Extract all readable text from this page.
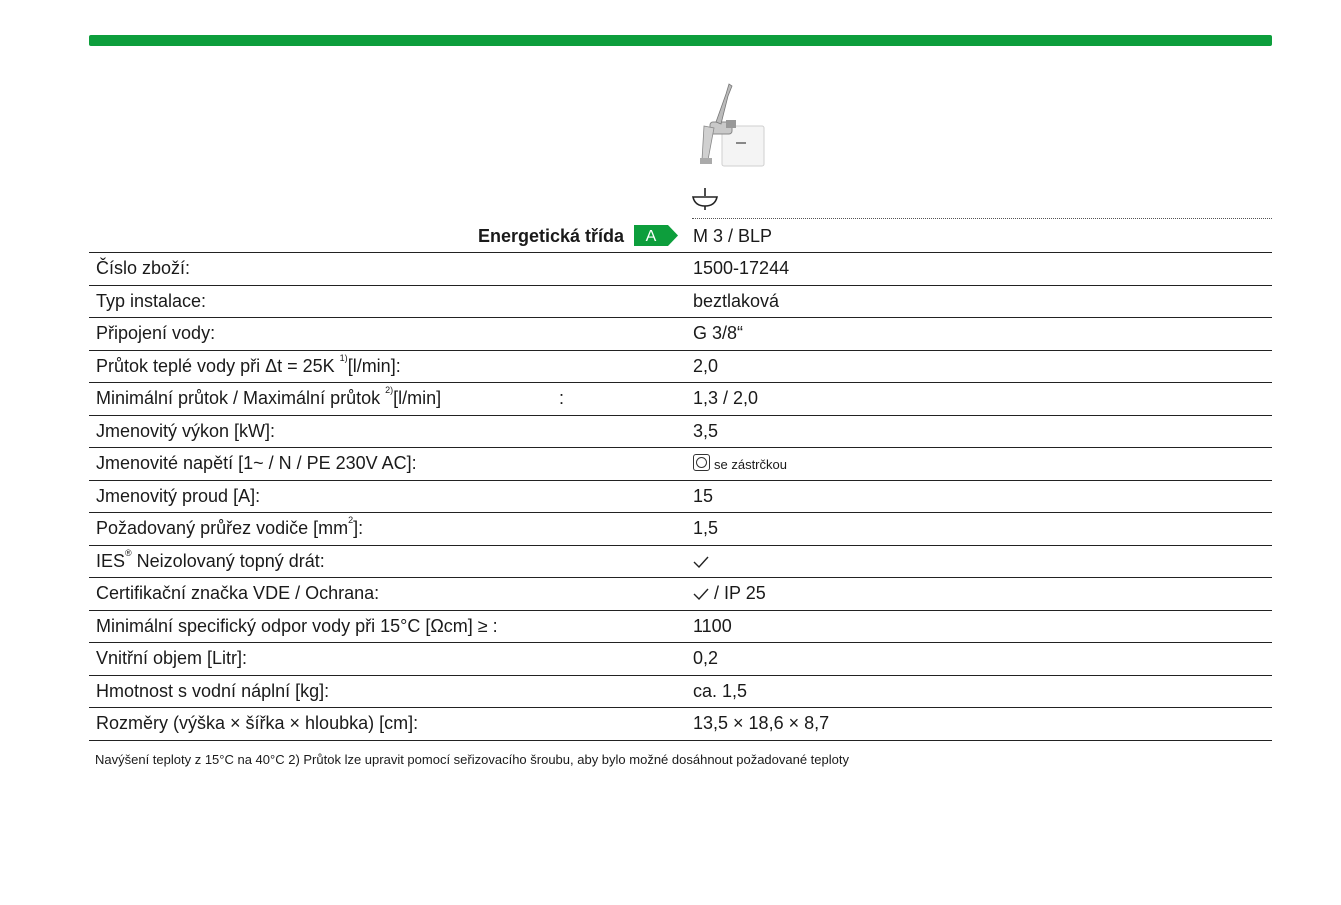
Energetická třída A M 3 / BLP
Číslo zboží:	1500-17244
Typ instalace:	beztlaková
Připojení vody:	G 3/8“
Průtok teplé vody při Δt = 25K $^{1)}$[l/min]:	2,0
Minimální průtok / Maximální průtok $^{2)}$[l/min]	:	1,3 / 2,0
Jmenovitý výkon [kW]:	3,5
Jmenovité napětí [1~ / N / PE 230V AC]:	se zástrčkou
Jmenovitý proud [A]:	15
Požadovaný průřez vodiče $[mm^2]$:	1,5
IES® Neizolovaný topný drát:
Certifikační značka VDE / Ochrana:	/ IP 25
Minimální specifický odpor vody při 15°C [Ωcm] ≥ :	1100
Vnitřní objem [Litr]:	0,2
Hmotnost s vodní náplní [kg]:	ca. 1,5
Rozměry (výška × šířka × hloubka) [cm]:	13,5 × 18,6 × 8,7
Navýšení teploty z 15°C na 40°C 2) Průtok lze upravit pomocí seřizovacího šroubu, aby bylo možné dosáhnout požadované teploty
